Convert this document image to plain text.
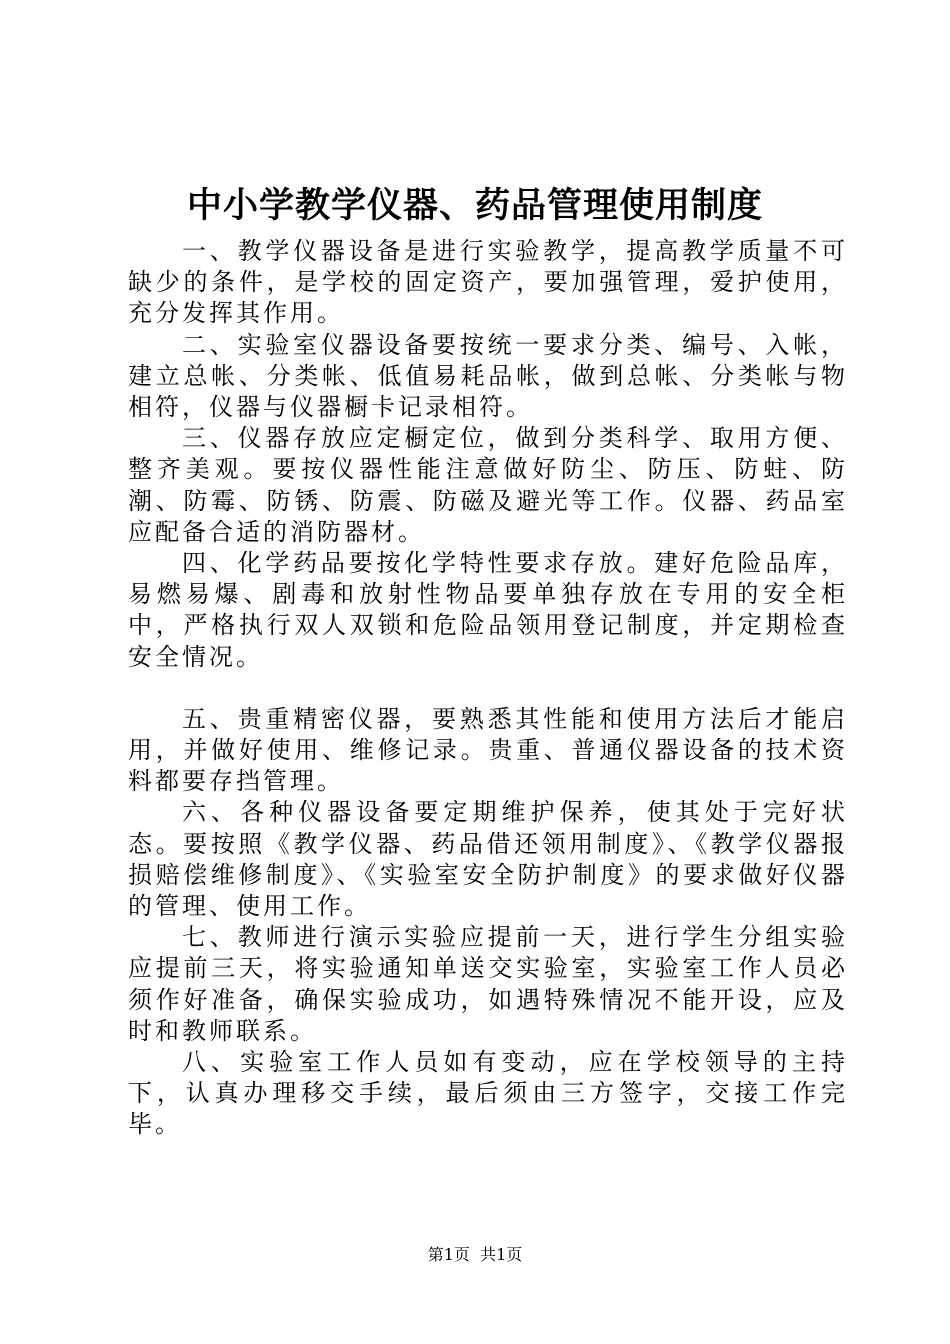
中小学教学仪器、药品管理使用制度

一、教学仪器设备是进行实验教学，提高教学质量不可缺少的条件，是学校的固定资产，要加强管理，爱护使用，充分发挥其作用。

二、实验室仪器设备要按统一要求分类、编号、入帐，建立总帐、分类帐、低值易耗品帐，做到总帐、分类帐与物相符，仪器与仪器橱卡记录相符。

三、仪器存放应定橱定位，做到分类科学、取用方便、整齐美观。要按仪器性能注意做好防尘、防压、防蛀、防潮、防霉、防锈、防震、防磁及避光等工作。仪器、药品室应配备合适的消防器材。

四、化学药品要按化学特性要求存放。建好危险品库，易燃易爆、剧毒和放射性物品要单独存放在专用的安全柜中，严格执行双人双锁和危险品领用登记制度，并定期检查安全情况。

五、贵重精密仪器，要熟悉其性能和使用方法后才能启用，并做好使用、维修记录。贵重、普通仪器设备的技术资料都要存挡管理。

六、各种仪器设备要定期维护保养，使其处于完好状态。要按照《教学仪器、药品借还领用制度》、《教学仪器报损赔偿维修制度》、《实验室安全防护制度》的要求做好仪器的管理、使用工作。

七、教师进行演示实验应提前一天，进行学生分组实验应提前三天，将实验通知单送交实验室，实验室工作人员必须作好准备，确保实验成功，如遇特殊情况不能开设，应及时和教师联系。

八、实验室工作人员如有变动，应在学校领导的主持下，认真办理移交手续，最后须由三方签字，交接工作完毕。

第1页  共1页
